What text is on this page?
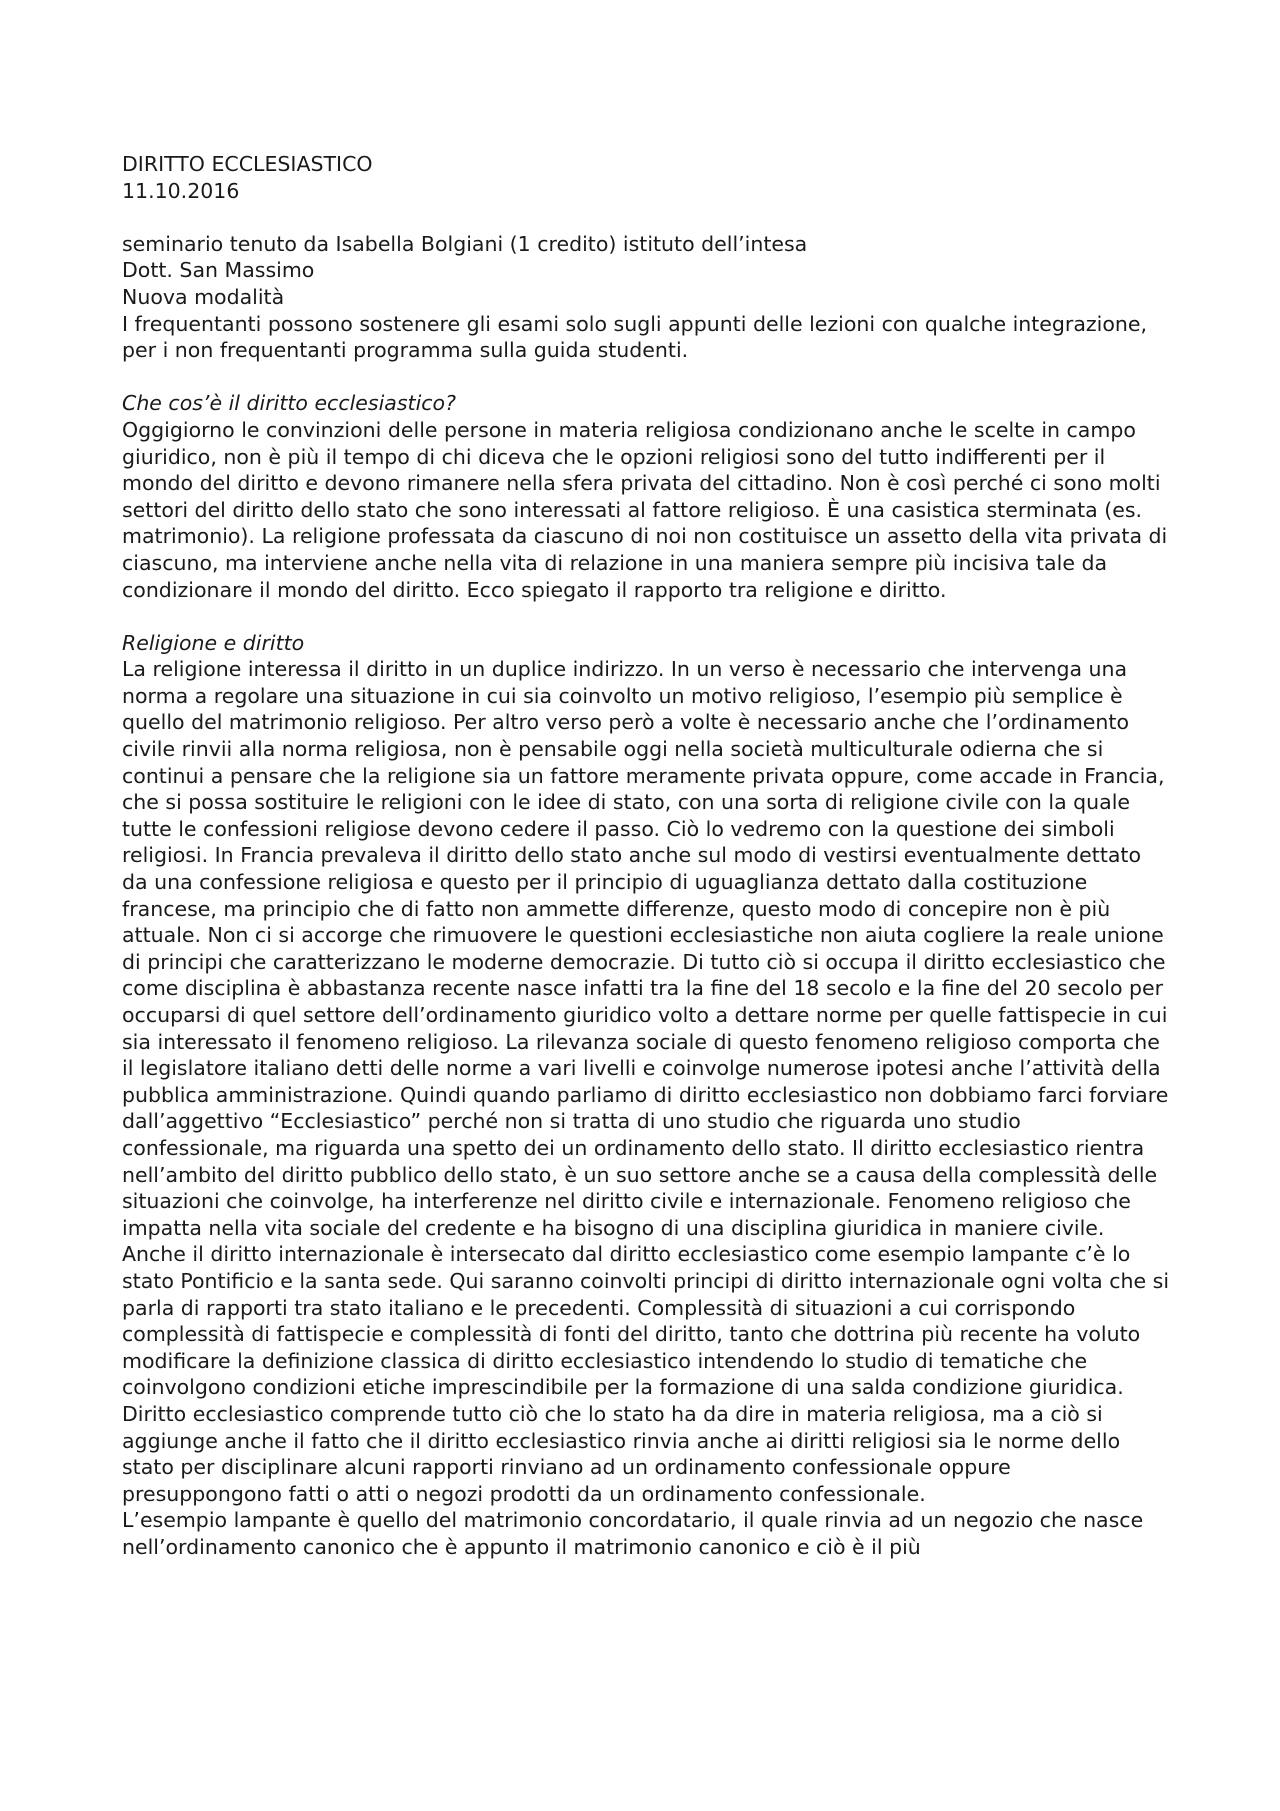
DIRITTO ECCLESIASTICO

11.10.2016

seminario tenuto da Isabella Bolgiani (1 credito) istituto dell’intesa

Dott. San Massimo

Nuova modalità

I frequentanti possono sostenere gli esami solo sugli appunti delle lezioni con qualche integrazione, per i non frequentanti programma sulla guida studenti.

Che cos’è il diritto ecclesiastico?

Oggigiorno le convinzioni delle persone in materia religiosa condizionano anche le scelte in campo giuridico, non è più il tempo di chi diceva che le opzioni religiosi sono del tutto indifferenti per il mondo del diritto e devono rimanere nella sfera privata del cittadino. Non è così perché ci sono molti settori del diritto dello stato che sono interessati al fattore religioso. È una casistica sterminata (es. matrimonio). La religione professata da ciascuno di noi non costituisce un assetto della vita privata di ciascuno, ma interviene anche nella vita di relazione in una maniera sempre più incisiva tale da condizionare il mondo del diritto. Ecco spiegato il rapporto tra religione e diritto.

Religione e diritto

La religione interessa il diritto in un duplice indirizzo. In un verso è necessario che intervenga una norma a regolare una situazione in cui sia coinvolto un motivo religioso, l’esempio più semplice è quello del matrimonio religioso. Per altro verso però a volte è necessario anche che l’ordinamento civile rinvii alla norma religiosa, non è pensabile oggi nella società multiculturale odierna che si continui a pensare che la religione sia un fattore meramente privata oppure, come accade in Francia, che si possa sostituire le religioni con le idee di stato, con una sorta di religione civile con la quale tutte le confessioni religiose devono cedere il passo. Ciò lo vedremo con la questione dei simboli religiosi. In Francia prevaleva il diritto dello stato anche sul modo di vestirsi eventualmente dettato da una confessione religiosa e questo per il principio di uguaglianza dettato dalla costituzione francese, ma principio che di fatto non ammette differenze, questo modo di concepire non è più attuale. Non ci si accorge che rimuovere le questioni ecclesiastiche non aiuta cogliere la reale unione di principi che caratterizzano le moderne democrazie. Di tutto ciò si occupa il diritto ecclesiastico che come disciplina è abbastanza recente nasce infatti tra la fine del 18 secolo e la fine del 20 secolo per occuparsi di quel settore dell’ordinamento giuridico volto a dettare norme per quelle fattispecie in cui sia interessato il fenomeno religioso. La rilevanza sociale di questo fenomeno religioso comporta che il legislatore italiano detti delle norme a vari livelli e coinvolge numerose ipotesi anche l’attività della pubblica amministrazione. Quindi quando parliamo di diritto ecclesiastico non dobbiamo farci forviare dall’aggettivo “Ecclesiastico” perché non si tratta di uno studio che riguarda uno studio confessionale, ma riguarda una spetto dei un ordinamento dello stato. Il diritto ecclesiastico rientra nell’ambito del diritto pubblico dello stato, è un suo settore anche se a causa della complessità delle situazioni che coinvolge, ha interferenze nel diritto civile e internazionale. Fenomeno religioso che impatta nella vita sociale del credente e ha bisogno di una disciplina giuridica in maniere civile. Anche il diritto internazionale è intersecato dal diritto ecclesiastico come esempio lampante c’è lo stato Pontificio e la santa sede. Qui saranno coinvolti principi di diritto internazionale ogni volta che si parla di rapporti tra stato italiano e le precedenti. Complessità di situazioni a cui corrispondo complessità di fattispecie e complessità di fonti del diritto, tanto che dottrina più recente ha voluto modificare la definizione classica di diritto ecclesiastico intendendo lo studio di tematiche che coinvolgono condizioni etiche imprescindibile per la formazione di una salda condizione giuridica.

Diritto ecclesiastico comprende tutto ciò che lo stato ha da dire in materia religiosa, ma a ciò si aggiunge anche il fatto che il diritto ecclesiastico rinvia anche ai diritti religiosi sia le norme dello stato per disciplinare alcuni rapporti rinviano ad un ordinamento confessionale oppure presuppongono fatti o atti o negozi prodotti da un ordinamento confessionale.

L’esempio lampante è quello del matrimonio concordatario, il quale rinvia ad un negozio che nasce nell’ordinamento canonico che è appunto il matrimonio canonico e ciò è il più
